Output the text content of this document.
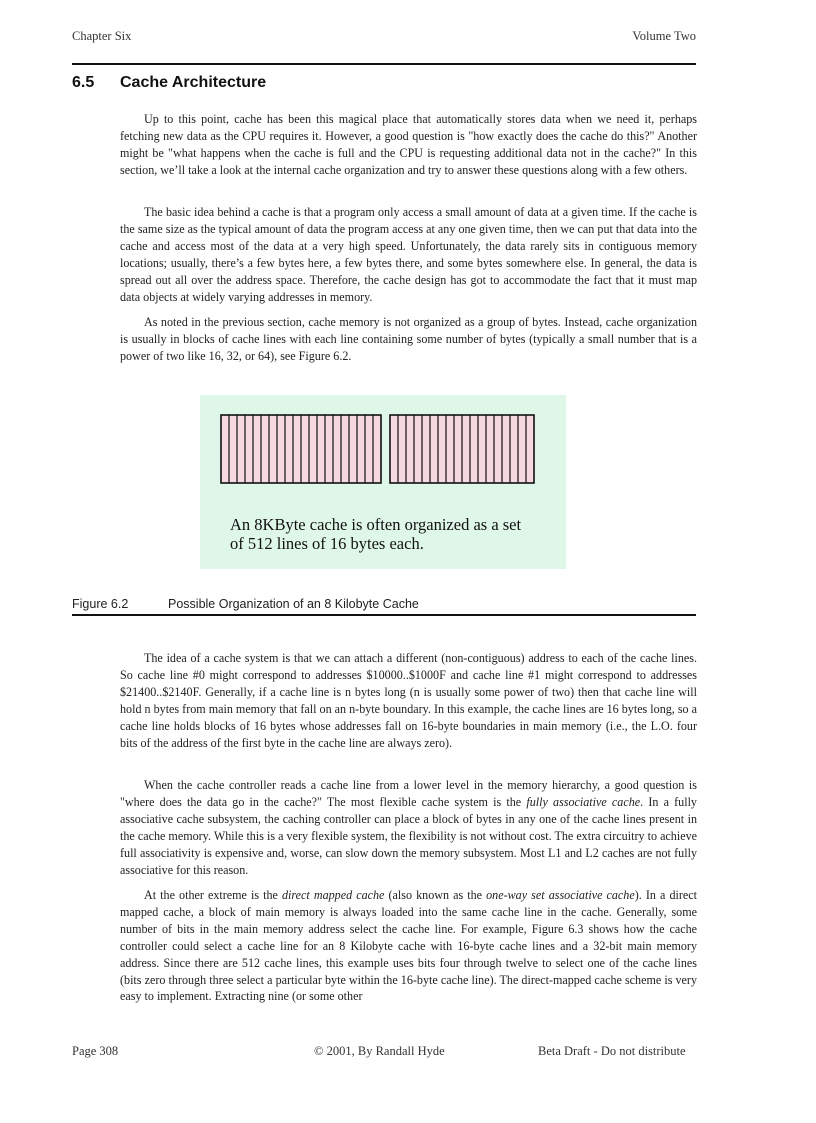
Chapter Six	Volume Two
6.5 Cache Architecture

Up to this point, cache has been this magical place that automatically stores data when we need it, perhaps fetching new data as the CPU requires it. However, a good question is "how exactly does the cache do this?" Another might be "what happens when the cache is full and the CPU is requesting additional data not in the cache?" In this section, we’ll take a look at the internal cache organization and try to answer these questions along with a few others.

The basic idea behind a cache is that a program only access a small amount of data at a given time. If the cache is the same size as the typical amount of data the program access at any one given time, then we can put that data into the cache and access most of the data at a very high speed. Unfortunately, the data rarely sits in contiguous memory locations; usually, there’s a few bytes here, a few bytes there, and some bytes somewhere else. In general, the data is spread out all over the address space. Therefore, the cache design has got to accommodate the fact that it must map data objects at widely varying addresses in memory.

As noted in the previous section, cache memory is not organized as a group of bytes. Instead, cache organization is usually in blocks of cache lines with each line containing some number of bytes (typically a small number that is a power of two like 16, 32, or 64), see Figure 6.2.

An 8KByte cache is often organized as a set
of 512 lines of 16 bytes each.
Figure 6.2	Possible Organization of an 8 Kilobyte Cache

The idea of a cache system is that we can attach a different (non-contiguous) address to each of the cache lines. So cache line #0 might correspond to addresses $10000..$1000F and cache line #1 might correspond to addresses $21400..$2140F. Generally, if a cache line is n bytes long (n is usually some power of two) then that cache line will hold n bytes from main memory that fall on an n-byte boundary. In this example, the cache lines are 16 bytes long, so a cache line holds blocks of 16 bytes whose addresses fall on 16-byte boundaries in main memory (i.e., the L.O. four bits of the address of the first byte in the cache line are always zero).

When the cache controller reads a cache line from a lower level in the memory hierarchy, a good question is "where does the data go in the cache?" The most flexible cache system is the fully associative cache. In a fully associative cache subsystem, the caching controller can place a block of bytes in any one of the cache lines present in the cache memory. While this is a very flexible system, the flexibility is not without cost. The extra circuitry to achieve full associativity is expensive and, worse, can slow down the memory subsystem. Most L1 and L2 caches are not fully associative for this reason.

At the other extreme is the direct mapped cache (also known as the one-way set associative cache). In a direct mapped cache, a block of main memory is always loaded into the same cache line in the cache. Generally, some number of bits in the main memory address select the cache line. For example, Figure 6.3 shows how the cache controller could select a cache line for an 8 Kilobyte cache with 16-byte cache lines and a 32-bit main memory address. Since there are 512 cache lines, this example uses bits four through twelve to select one of the cache lines (bits zero through three select a particular byte within the 16-byte cache line). The direct-mapped cache scheme is very easy to implement. Extracting nine (or some other

Page 308	© 2001, By Randall Hyde	Beta Draft - Do not distribute
